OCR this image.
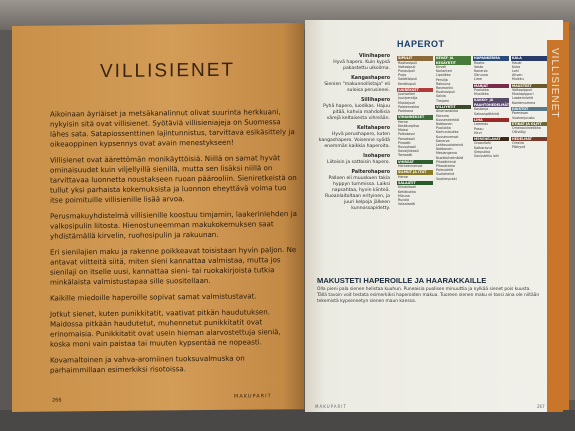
VILLISIENET

Aikoinaan äyriäiset ja metsäkanalinnut olivat suurinta herkkuani, nykyisin sitä ovat villisienet. Syötäviä villisieniajeja on Suomessa lähes sata. Satapiossenttinen lajintunnistus, tarvittava esikäsittely ja oikeaoppinen kypsennys ovat avain menestykseen!

Villisienet ovat äärettömän monikäyttöisiä. Niillä on samat hyvät ominaisuudet kuin viljellyillä sienillä, mutta sen lisäksi niillä on tarvittavaa luonnetta noustakseen ruoan päärooliin. Sieniretkeistä on tullut yksi parhaista kokemuksista ja luonnon eheyttävä voima tuo itse poimituille villisienille lisää arvoa.

Perusmakuyhdistelmä villisienille koostuu timjamin, laakerinlehden ja valkosipulin liitosta. Hienostuneemman makukokemuksen saat yhdistämällä kirvelin, ruohosipulin ja rakuunan.

Eri sienilajien maku ja rakenne poikkeavat toisistaan hyvin paljon. Ne antavat viitteitä siitä, miten sieni kannattaa valmistaa, mutta jos sienilaji on itselle uusi, kannattaa sieni- tai ruokakirjoista tutkia minkälaista valmistustapaa sille suositellaan.

Kaikille miedoille haperoille sopivat samat valmistustavat.

Jotkut sienet, kuten punikkitatit, vaativat pitkän haudutuksen. Maidossa pitkään haudutetut, muhennetut punikkitatit ovat erinomaisia. Punikkitatit ovat usein hieman alarvostettuja sieniä, koska moni vain paistaa tai muuten kypsentää ne nopeasti.

Kovamaltoinen ja vahva-aromiinen tuoksuvalmuska on parhaimmillaan esimerkiksi risotoissa.

266
MAKUPARIT
Viinihapero
Hyvä hapero. Kuin kypsä pakastettu ulkoilma.
Kangashapero
Sienien "makunnollistaja" eli suloisa perusienei.
Sillihapero
Pyhä hapero, luodikas. Hajuu pitää, kahvia mahdollisia värejä keltaisesta vihreään.
Keltahapero
Hyvä perushapero, kuten kangashapero. Voisenne syödä enemmän kaikkia haperoita.
Isohapero
Liitoisin ja sattoisin hapero.
Palterohapero
Palloen eli muuskuen takia hyppyn tummissa. Laiksi napsahtaa, hyvin kiinteä. Ruoanlaitoltaan erityinen, ja juuri kelpoja jälkeen kunnossapidetty.
HAPEROT
SIPULIT
Ruohosipuli
Valkosipuli
Punasipuli
Purjo
Salottisipuli
Kevätsipuli
JUUREKSET
Juuriselleri
Juuripersilja
Mustajuuri
Palsternakka
Porkkana
VIHANNEKSET
Herne
Kesäkurpitsa
Maissi
Palkokasvi
Parsakaali
Pinaatti
Ruusukaali
Savoijinkaali
Tomaatti
VIHREÄT
Herneenversot
SILMUT JA ITUT
Herne
SALAATIT
Kiinankaali
Kehäkukka
Mizuna
Rucola
Voisalaatti
KEVÄT- JA KESÄYRTIT
Kirveli
Korianteri
Lipstikka
Persilja
Rakuuna
Rosmariini
Ruohosipuli
Salvia
Timjami
VILLIYRTIT
Ahomansikka
Horsma
Kuusenkerkkä
Nokkonen
Puolukka
Karhunlaukka
Kuusenversot
Kanerva
Lehtosuolaheinä
Nokkonen
Mesiangervo
Nuokkuhelmikkä
Pihatähtimö
Piharatamo
Poimulehti
Suolaheinä
Vuohenputki
HAPANKERMA
Ruoho
Vasta
Kanerva
Sitruuna
Lime
MARJAT
Puolukka
Mustikka
KAKKO- JA PAAHTOHEDELMÄT
Kastanja
Saksanpähkinä
LIHA
Lammas
Possu
Hirvi
MERENELÄVÄT
Graavilohi
Katkaravut
Simpukka
Savustettu lohi
KALA
Hauki
Kuha
Lohi
Ahven
Muikku
MAUSTEET
Valkopippuri
Mustapippuri
Laakerinlehti
Kardemumma
JUUSTOT
Parmesan
Vuohenjuusto
ETIKAT JA ÖLJYT
Omenaviinietikka
Oliiviöljy
HEDELMÄT
Omena
Päärynä
VILLISIENET
MAKUSTETI HAPEROILLE JA HAARAKKAILLE
Olla pieni pala sienen helistaa kuuhun. Puneaisia puolisen minuuttia ja nylkää sienet pois kuusta. Tällä tavoin voit testata esimerkiksi haperoiden makua. Tuoreen sienen maku ei tossi aina ole niitään tekemistä kypsennetyn sienen maun kanssa.
MAKUPARIT	267
